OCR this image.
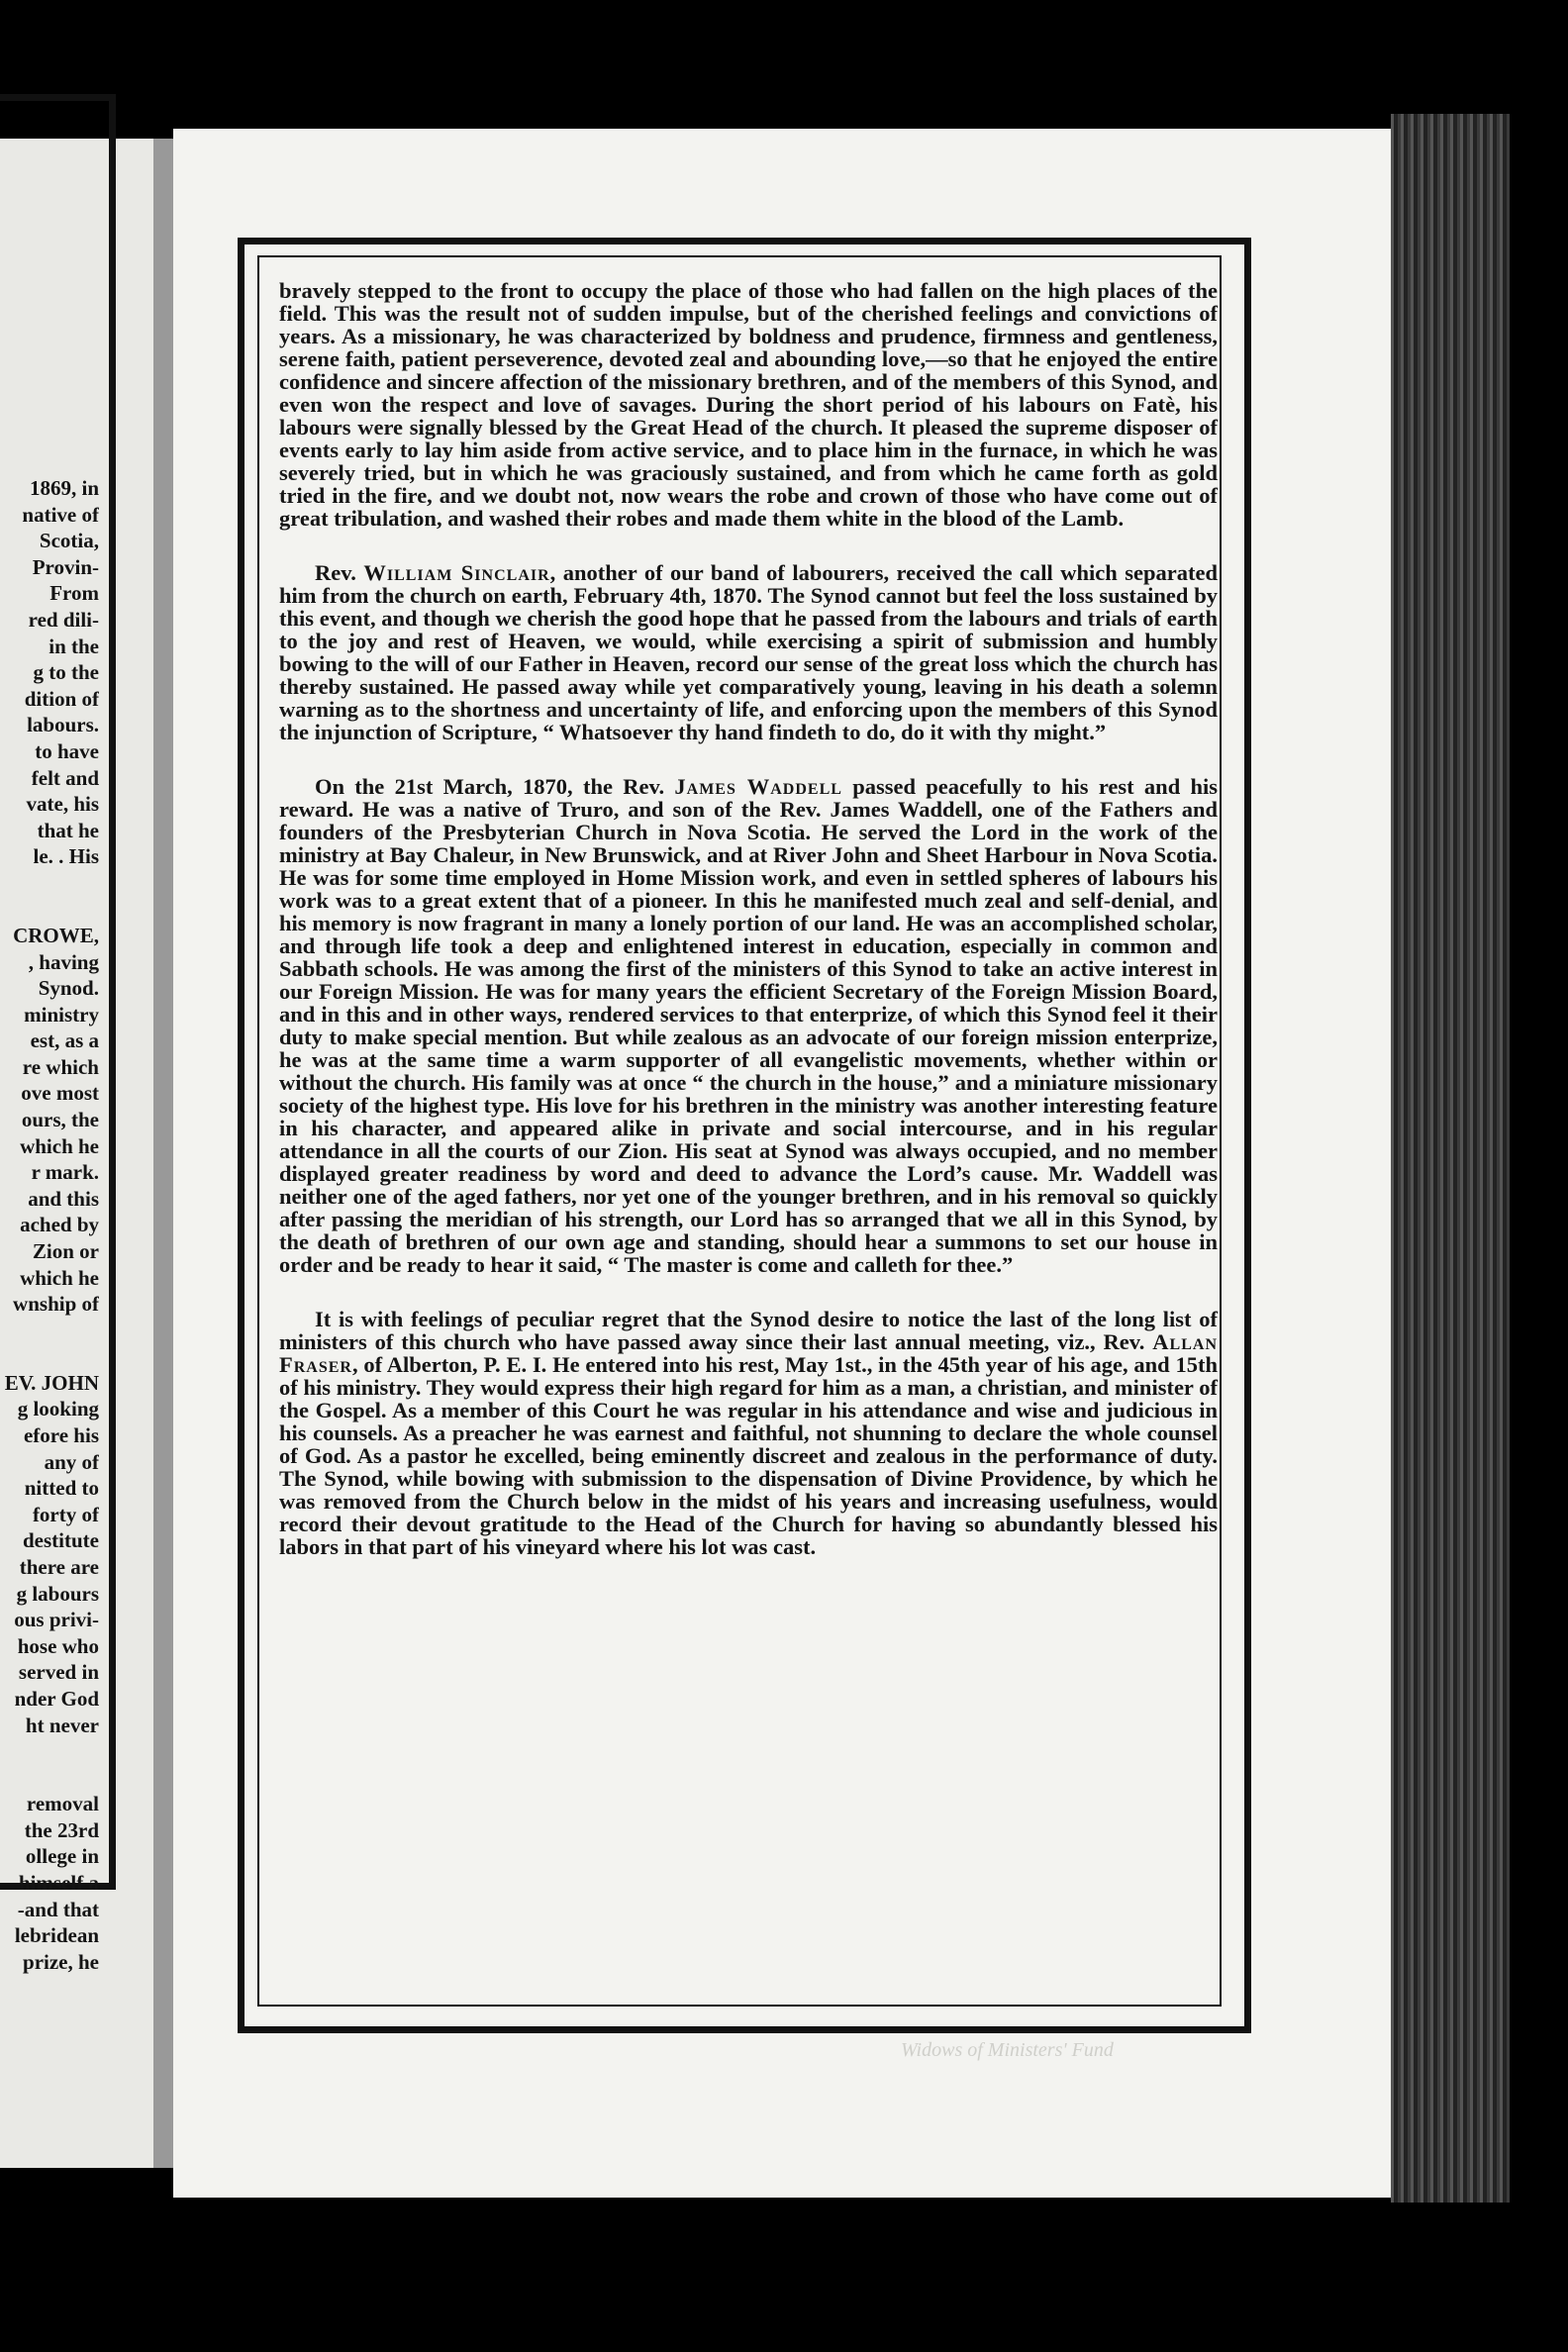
1869, in
native of
Scotia,
Provin-
From
red dili-
in the
g to the
dition of
labours.
to have
felt and
vate, his
that he
le. . His
CROWE,
, having
Synod.
ministry
est, as a
re which
ove most
ours, the
which he
r mark.
and this
ached by
Zion or
which he
wnship of
EV. JOHN
g looking
efore his
any of
nitted to
forty of
destitute
there are
g labours
ous privi-
hose who
served in
nder God
ht never
removal
the 23rd
ollege in
himself a
-and that
lebridean
prize, he

bravely stepped to the front to occupy the place of those who had fallen on the high places of the field. This was the result not of sudden impulse, but of the cherished feelings and convictions of years. As a missionary, he was characterized by boldness and prudence, firmness and gentleness, serene faith, patient perseverence, devoted zeal and abounding love,—so that he enjoyed the entire confidence and sincere affection of the missionary brethren, and of the members of this Synod, and even won the respect and love of savages. During the short period of his labours on Fatè, his labours were signally blessed by the Great Head of the church. It pleased the supreme disposer of events early to lay him aside from active service, and to place him in the furnace, in which he was severely tried, but in which he was graciously sustained, and from which he came forth as gold tried in the fire, and we doubt not, now wears the robe and crown of those who have come out of great tribulation, and washed their robes and made them white in the blood of the Lamb.

Rev. William Sinclair, another of our band of labourers, received the call which separated him from the church on earth, February 4th, 1870. The Synod cannot but feel the loss sustained by this event, and though we cherish the good hope that he passed from the labours and trials of earth to the joy and rest of Heaven, we would, while exercising a spirit of submission and humbly bowing to the will of our Father in Heaven, record our sense of the great loss which the church has thereby sustained. He passed away while yet comparatively young, leaving in his death a solemn warning as to the shortness and uncertainty of life, and enforcing upon the members of this Synod the injunction of Scripture, “ Whatsoever thy hand findeth to do, do it with thy might.”

On the 21st March, 1870, the Rev. James Waddell passed peacefully to his rest and his reward. He was a native of Truro, and son of the Rev. James Waddell, one of the Fathers and founders of the Presbyterian Church in Nova Scotia. He served the Lord in the work of the ministry at Bay Chaleur, in New Brunswick, and at River John and Sheet Harbour in Nova Scotia. He was for some time employed in Home Mission work, and even in settled spheres of labours his work was to a great extent that of a pioneer. In this he manifested much zeal and self-denial, and his memory is now fragrant in many a lonely portion of our land. He was an accomplished scholar, and through life took a deep and enlightened interest in education, especially in common and Sabbath schools. He was among the first of the ministers of this Synod to take an active interest in our Foreign Mission. He was for many years the efficient Secretary of the Foreign Mission Board, and in this and in other ways, rendered services to that enterprize, of which this Synod feel it their duty to make special mention. But while zealous as an advocate of our foreign mission enterprize, he was at the same time a warm supporter of all evangelistic movements, whether within or without the church. His family was at once “ the church in the house,” and a miniature missionary society of the highest type. His love for his brethren in the ministry was another interesting feature in his character, and appeared alike in private and social intercourse, and in his regular attendance in all the courts of our Zion. His seat at Synod was always occupied, and no member displayed greater readiness by word and deed to advance the Lord’s cause. Mr. Waddell was neither one of the aged fathers, nor yet one of the younger brethren, and in his removal so quickly after passing the meridian of his strength, our Lord has so arranged that we all in this Synod, by the death of brethren of our own age and standing, should hear a summons to set our house in order and be ready to hear it said, “ The master is come and calleth for thee.”

It is with feelings of peculiar regret that the Synod desire to notice the last of the long list of ministers of this church who have passed away since their last annual meeting, viz., Rev. Allan Fraser, of Alberton, P. E. I. He entered into his rest, May 1st., in the 45th year of his age, and 15th of his ministry. They would express their high regard for him as a man, a christian, and minister of the Gospel. As a member of this Court he was regular in his attendance and wise and judicious in his counsels. As a preacher he was earnest and faithful, not shunning to declare the whole counsel of God. As a pastor he excelled, being eminently discreet and zealous in the performance of duty. The Synod, while bowing with submission to the dispensation of Divine Providence, by which he was removed from the Church below in the midst of his years and increasing usefulness, would record their devout gratitude to the Head of the Church for having so abundantly blessed his labors in that part of his vineyard where his lot was cast.

Widows of Ministers' Fund
